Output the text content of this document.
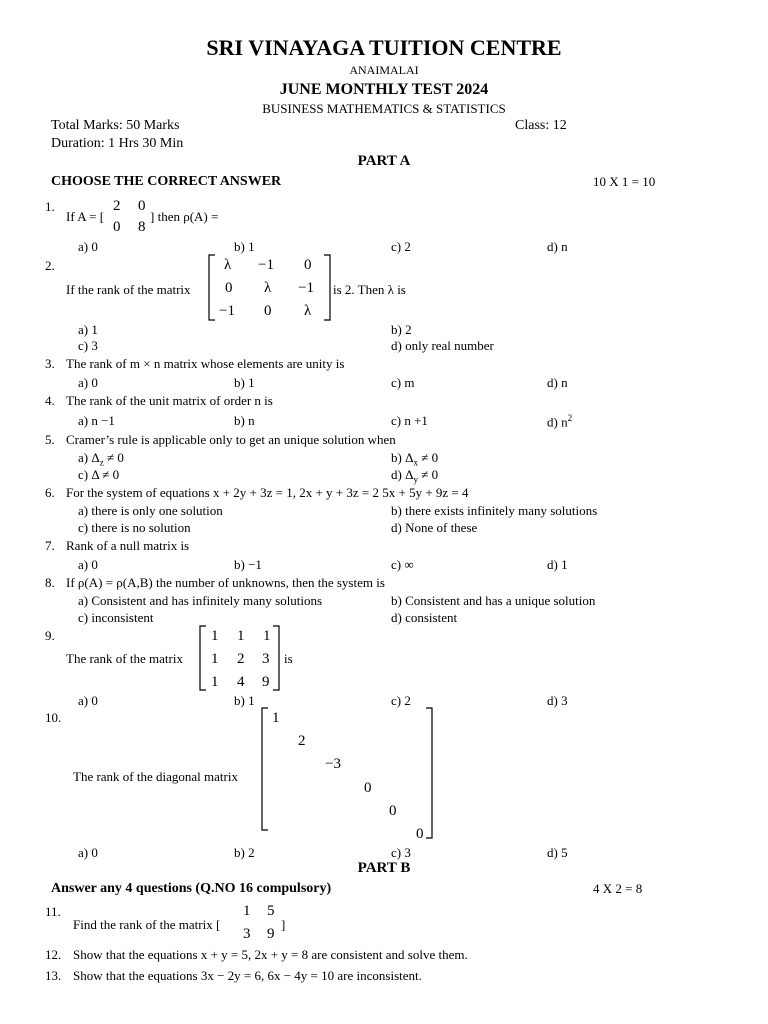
SRI VINAYAGA TUITION CENTRE
ANAIMALAI
JUNE MONTHLY TEST 2024
BUSINESS MATHEMATICS & STATISTICS
Total Marks: 50 Marks	Class: 12
Duration: 1 Hrs 30 Min
PART A
CHOOSE THE CORRECT ANSWER	10 X 1 = 10
1.
If A = [
2 0
0 8
] then ρ(A) =
a) 0	b) 1	c) 2	d) n
2.
If the rank of the matrix
λ −1 0
0 λ −1
−1 0 λ
is 2. Then λ is
a) 1	b) 2
c) 3	d) only real number
3. The rank of m × n matrix whose elements are unity is
a) 0	b) 1	c) m	d) n
4. The rank of the unit matrix of order n is
a) n −1	b) n	c) n +1	d) $n^2$
5. Cramer’s rule is applicable only to get an unique solution when
a) $\Delta_z \ne 0$	b) $\Delta_x \ne 0$
c) Δ ≠ 0	d) $\Delta_y \ne 0$
6. For the system of equations x + 2y + 3z = 1, 2x + y + 3z = 2 5x + 5y + 9z = 4
a) there is only one solution	b) there exists infinitely many solutions
c) there is no solution	d) None of these
7. Rank of a null matrix is
a) 0	b) −1	c) ∞	d) 1
8. If ρ(A) = ρ(A,B) the number of unknowns, then the system is
a) Consistent and has infinitely many solutions	b) Consistent and has a unique solution
c) inconsistent	d) consistent
9.
The rank of the matrix
1 1 1
1 2 3
1 4 9
is
a) 0	b) 1	c) 2	d) 3
10.
The rank of the diagonal matrix
1
2
−3
0
0
0
a) 0	b) 2	c) 3	d) 5
PART B
Answer any 4 questions (Q.NO 16 compulsory)	4 X 2 = 8
11.
Find the rank of the matrix [
1 5
3 9
]
12. Show that the equations x + y = 5, 2x + y = 8 are consistent and solve them.
13. Show that the equations 3x − 2y = 6, 6x − 4y = 10 are inconsistent.
